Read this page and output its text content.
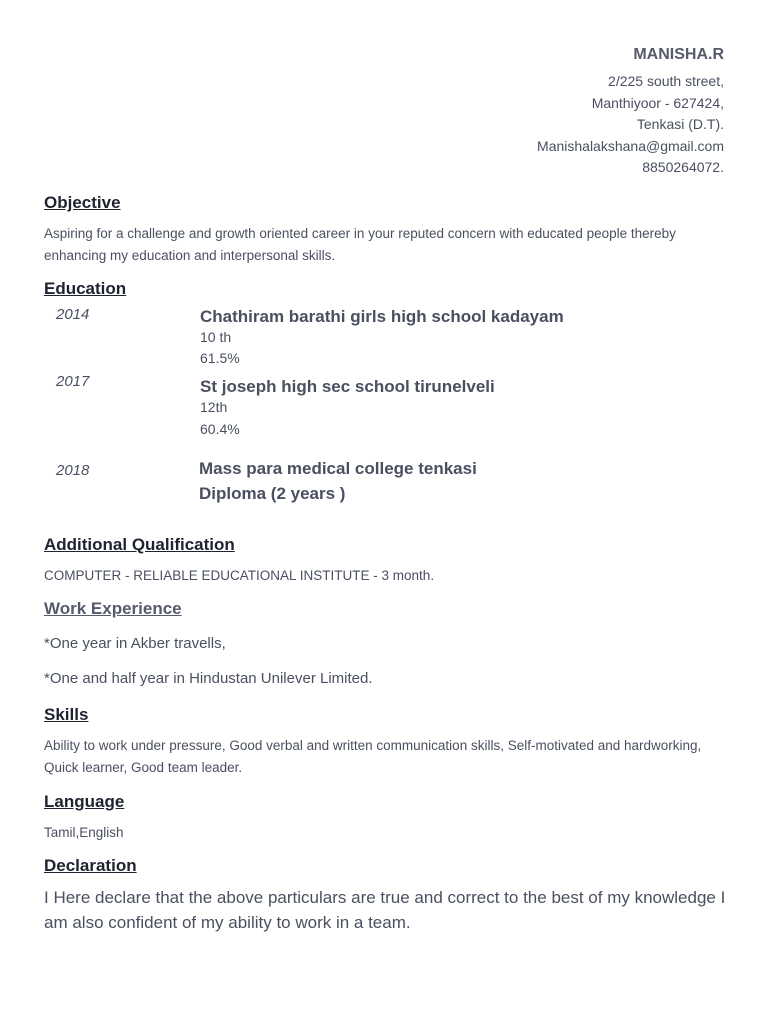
MANISHA.R
2/225 south street,
Manthiyoor - 627424,
Tenkasi (D.T).
Manishalakshana@gmail.com
8850264072.
Objective
Aspiring for a challenge and growth oriented career in your reputed concern with educated people thereby enhancing my education and interpersonal skills.
Education
2014	Chathiram barathi girls high school kadayam
10 th
61.5%
2017	St joseph high sec school tirunelveli
12th
60.4%
2018	Mass para medical college tenkasi
Diploma (2 years )
Additional Qualification
COMPUTER - RELIABLE EDUCATIONAL INSTITUTE - 3 month.
Work Experience
*One year in Akber travells,
*One and half year in Hindustan Unilever Limited.
Skills
Ability to work under pressure, Good verbal and written communication skills, Self-motivated and hardworking, Quick learner, Good team leader.
Language
Tamil,English
Declaration
I Here declare that the above particulars are true and correct to the best of my knowledge I am also confident of my ability to work in a team.
